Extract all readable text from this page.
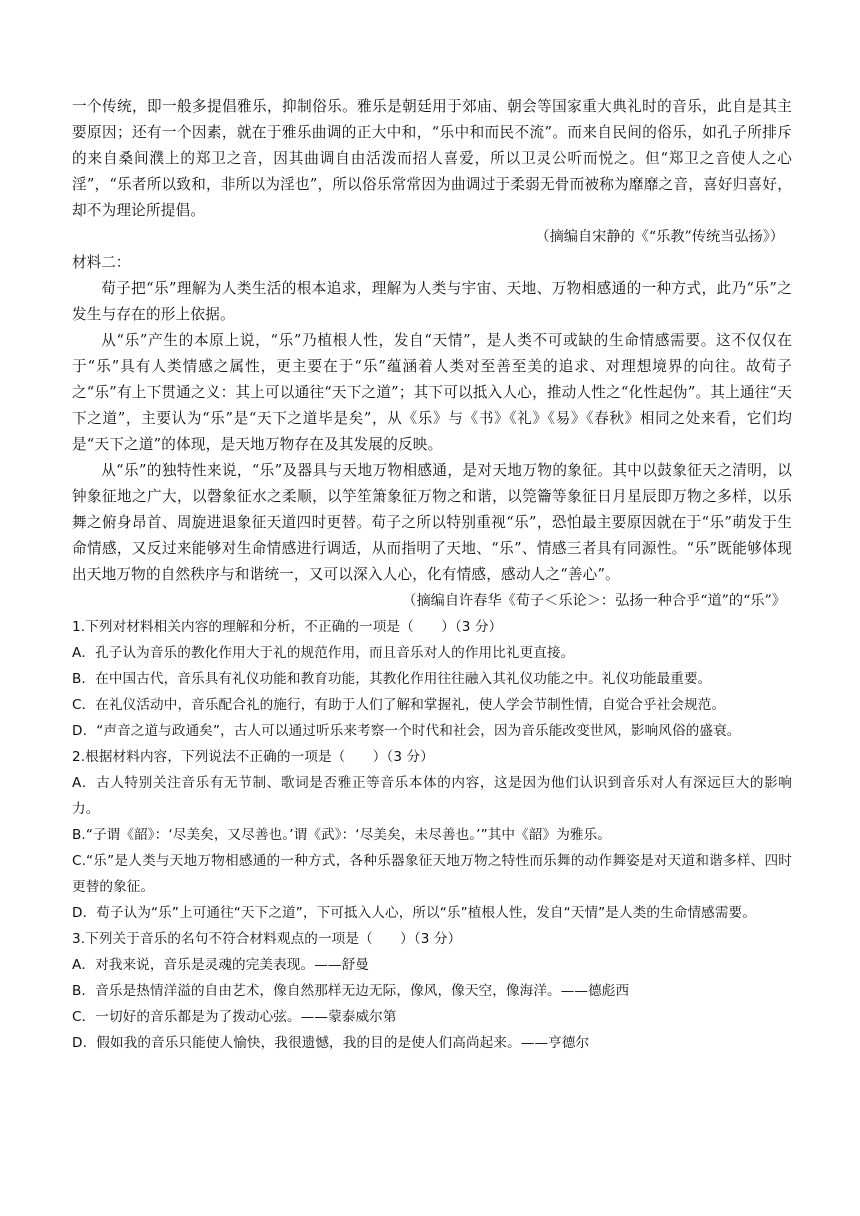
一个传统，即一般多提倡雅乐，抑制俗乐。雅乐是朝廷用于郊庙、朝会等国家重大典礼时的音乐，此自是其主要原因；还有一个因素，就在于雅乐曲调的正大中和，“乐中和而民不流”。而来自民间的俗乐，如孔子所排斥的来自桑间濮上的郑卫之音，因其曲调自由活泼而招人喜爱，所以卫灵公听而悦之。但“郑卫之音使人之心淫”，“乐者所以致和，非所以为淫也”，所以俗乐常常因为曲调过于柔弱无骨而被称为靡靡之音，喜好归喜好，却不为理论所提倡。

（摘编自宋静的《“乐教”传统当弘扬》）

材料二：

荀子把“乐”理解为人类生活的根本追求，理解为人类与宇宙、天地、万物相感通的一种方式，此乃“乐”之发生与存在的形上依据。

从“乐”产生的本原上说，“乐”乃植根人性，发自“天情”，是人类不可或缺的生命情感需要。这不仅仅在于“乐”具有人类情感之属性，更主要在于“乐”蕴涵着人类对至善至美的追求、对理想境界的向往。故荀子之“乐”有上下贯通之义：其上可以通往“天下之道”；其下可以抵入人心，推动人性之“化性起伪”。其上通往“天下之道”，主要认为“乐”是“天下之道毕是矣”，从《乐》与《书》《礼》《易》《春秋》相同之处来看，它们均是“天下之道”的体现，是天地万物存在及其发展的反映。

从“乐”的独特性来说，“乐”及器具与天地万物相感通，是对天地万物的象征。其中以鼓象征天之清明，以钟象征地之广大，以磬象征水之柔顺，以竽笙箫象征万物之和谐，以筦籥等象征日月星辰即万物之多样，以乐舞之俯身昂首、周旋进退象征天道四时更替。荀子之所以特别重视“乐”，恐怕最主要原因就在于“乐”萌发于生命情感，又反过来能够对生命情感进行调适，从而指明了天地、“乐”、情感三者具有同源性。“乐”既能够体现出天地万物的自然秩序与和谐统一，又可以深入人心，化有情感，感动人之“善心”。

（摘编自许春华《荀子＜乐论＞：弘扬一种合乎“道”的“乐”》

1.下列对材料相关内容的理解和分析，不正确的一项是（　　）（3 分）

A．孔子认为音乐的教化作用大于礼的规范作用，而且音乐对人的作用比礼更直接。

B．在中国古代，音乐具有礼仪功能和教育功能，其教化作用往往融入其礼仪功能之中。礼仪功能最重要。

C．在礼仪活动中，音乐配合礼的施行，有助于人们了解和掌握礼，使人学会节制性情，自觉合乎社会规范。

D．“声音之道与政通矣”，古人可以通过听乐来考察一个时代和社会，因为音乐能改变世风，影响风俗的盛衰。

2.根据材料内容，下列说法不正确的一项是（　　）（3 分）

A．古人特别关注音乐有无节制、歌词是否雅正等音乐本体的内容，这是因为他们认识到音乐对人有深远巨大的影响力。

B.“子谓《韶》：‘尽美矣，又尽善也。’谓《武》：‘尽美矣，未尽善也。’”其中《韶》为雅乐。

C.“乐”是人类与天地万物相感通的一种方式，各种乐器象征天地万物之特性而乐舞的动作舞姿是对天道和谐多样、四时更替的象征。

D．荀子认为“乐”上可通往“天下之道”，下可抵入人心，所以“乐”植根人性，发自“天情”是人类的生命情感需要。

3.下列关于音乐的名句不符合材料观点的一项是（　　）（3 分）

A．对我来说，音乐是灵魂的完美表现。——舒曼

B．音乐是热情洋溢的自由艺术，像自然那样无边无际，像风，像天空，像海洋。——德彪西

C．一切好的音乐都是为了拨动心弦。——蒙泰威尔第

D．假如我的音乐只能使人愉快，我很遗憾，我的目的是使人们高尚起来。——亨德尔
